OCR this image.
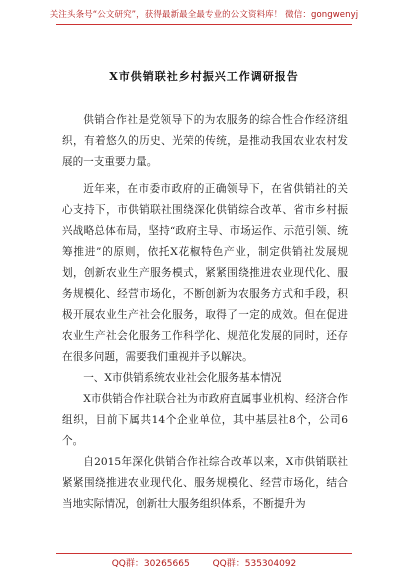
关注头条号“公文研究”，获得最新最全最专业的公文资料库！ 微信：gongwenyj
X市供销联社乡村振兴工作调研报告

供销合作社是党领导下的为农服务的综合性合作经济组织，有着悠久的历史、光荣的传统，是推动我国农业农村发展的一支重要力量。

近年来，在市委市政府的正确领导下，在省供销社的关心支持下，市供销联社围绕深化供销综合改革、省市乡村振兴战略总体布局，坚持“政府主导、市场运作、示范引领、统筹推进”的原则，依托X花椒特色产业，制定供销社发展规划，创新农业生产服务模式，紧紧围绕推进农业现代化、服务规模化、经营市场化，不断创新为农服务方式和手段，积极开展农业生产社会化服务，取得了一定的成效。但在促进农业生产社会化服务工作科学化、规范化发展的同时，还存在很多问题，需要我们重视并予以解决。

一、X市供销系统农业社会化服务基本情况

X市供销合作社联合社为市政府直属事业机构、经济合作组织，目前下属共14个企业单位，其中基层社8个，公司6个。

自2015年深化供销合作社综合改革以来，X市供销联社紧紧围绕推进农业现代化、服务规模化、经营市场化，结合当地实际情况，创新壮大服务组织体系，不断提升为

QQ群：30265665	QQ群：535304092
